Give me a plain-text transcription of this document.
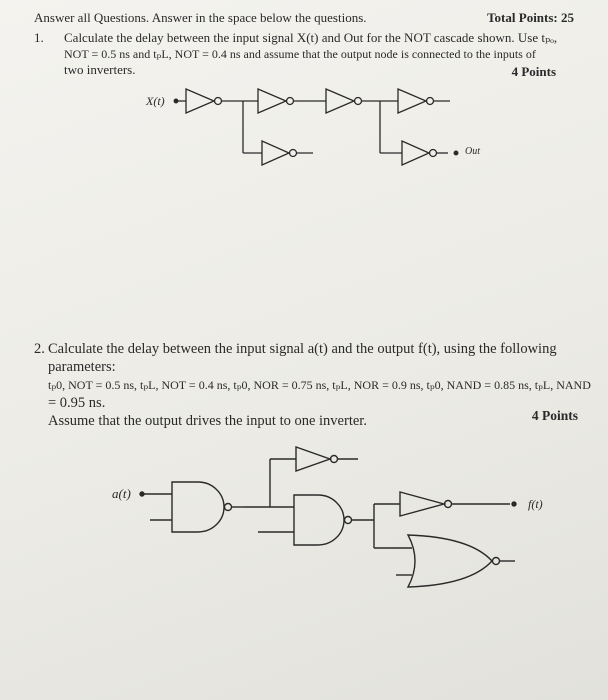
Answer all Questions. Answer in the space below the questions.	Total Points: 25
1. Calculate the delay between the input signal X(t) and Out for the NOT cascade shown. Use tₚₒ,
NOT = 0.5 ns and tₚL, NOT = 0.4 ns and assume that the output node is connected to the inputs of
two inverters.	4 Points
X(t)
Out
2. Calculate the delay between the input signal a(t) and the output f(t), using the following
parameters:
tₚ0, NOT = 0.5 ns, tₚL, NOT = 0.4 ns, tₚ0, NOR = 0.75 ns, tₚL, NOR = 0.9 ns, tₚ0, NAND = 0.85 ns, tₚL, NAND
= 0.95 ns.
Assume that the output drives the input to one inverter.	4 Points
a(t)
f(t)
